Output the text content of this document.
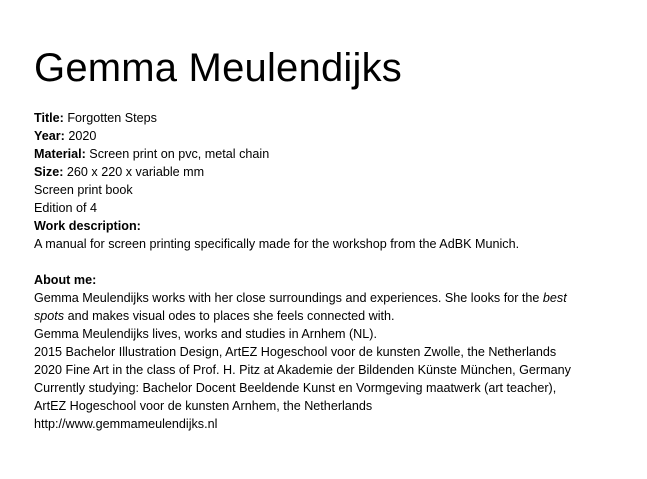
Gemma Meulendijks
Title: Forgotten Steps
Year: 2020
Material: Screen print on pvc, metal chain
Size: 260 x 220 x variable mm
Screen print book
Edition of 4
Work description:
A manual for screen printing specifically made for the workshop from the AdBK Munich.
About me:
Gemma Meulendijks works with her close surroundings and experiences. She looks for the best
spots and makes visual odes to places she feels connected with.
Gemma Meulendijks lives, works and studies in Arnhem (NL).
2015 Bachelor Illustration Design, ArtEZ Hogeschool voor de kunsten Zwolle, the Netherlands
2020 Fine Art in the class of Prof. H. Pitz at Akademie der Bildenden Künste München, Germany
Currently studying: Bachelor Docent Beeldende Kunst en Vormgeving maatwerk (art teacher),
ArtEZ Hogeschool voor de kunsten Arnhem, the Netherlands
http://www.gemmameulendijks.nl
